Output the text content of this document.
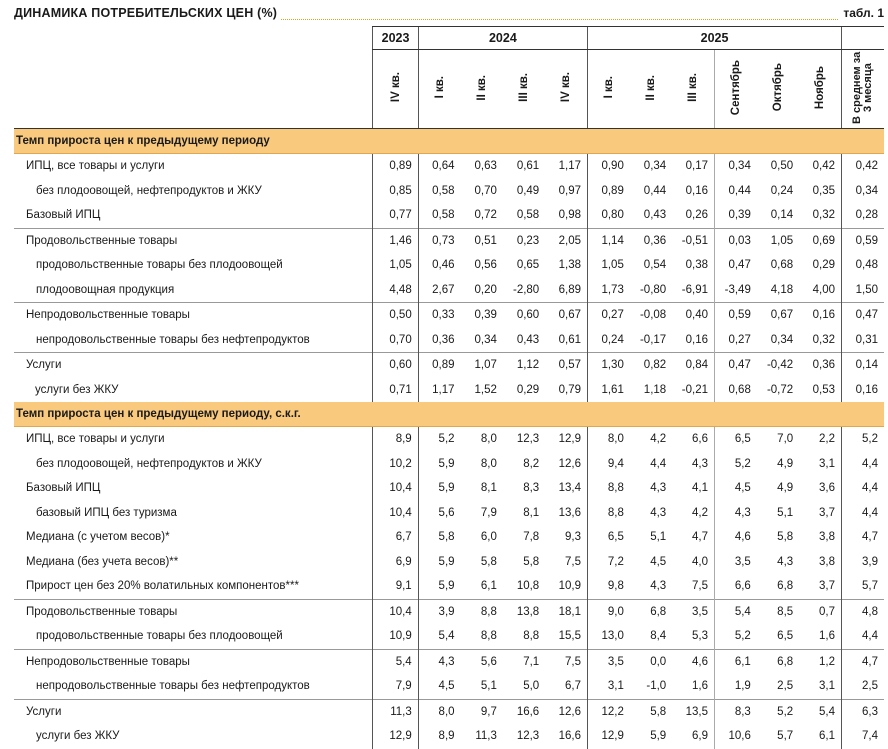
ДИНАМИКА ПОТРЕБИТЕЛЬСКИХ ЦЕН (%)	табл. 1
	2023	2024				2025						
	IV кв.	I кв.	II кв.	III кв.	IV кв.	I кв.	II кв.	III кв.	Сентябрь	Октябрь	Ноябрь	В среднем за 3 месяца
Темп прироста цен к предыдущему периоду												
ИПЦ, все товары и услуги	0,89	0,64	0,63	0,61	1,17	0,90	0,34	0,17	0,34	0,50	0,42	0,42
без плодоовощей, нефтепродуктов и ЖКУ	0,85	0,58	0,70	0,49	0,97	0,89	0,44	0,16	0,44	0,24	0,35	0,34
Базовый ИПЦ	0,77	0,58	0,72	0,58	0,98	0,80	0,43	0,26	0,39	0,14	0,32	0,28
Продовольственные товары	1,46	0,73	0,51	0,23	2,05	1,14	0,36	-0,51	0,03	1,05	0,69	0,59
продовольственные товары без плодоовощей	1,05	0,46	0,56	0,65	1,38	1,05	0,54	0,38	0,47	0,68	0,29	0,48
плодоовощная продукция	4,48	2,67	0,20	-2,80	6,89	1,73	-0,80	-6,91	-3,49	4,18	4,00	1,50
Непродовольственные товары	0,50	0,33	0,39	0,60	0,67	0,27	-0,08	0,40	0,59	0,67	0,16	0,47
непродовольственные товары без нефтепродуктов	0,70	0,36	0,34	0,43	0,61	0,24	-0,17	0,16	0,27	0,34	0,32	0,31
Услуги	0,60	0,89	1,07	1,12	0,57	1,30	0,82	0,84	0,47	-0,42	0,36	0,14
услуги без ЖКУ	0,71	1,17	1,52	0,29	0,79	1,61	1,18	-0,21	0,68	-0,72	0,53	0,16
Темп прироста цен к предыдущему периоду, с.к.г.												
ИПЦ, все товары и услуги	8,9	5,2	8,0	12,3	12,9	8,0	4,2	6,6	6,5	7,0	2,2	5,2
без плодоовощей, нефтепродуктов и ЖКУ	10,2	5,9	8,0	8,2	12,6	9,4	4,4	4,3	5,2	4,9	3,1	4,4
Базовый ИПЦ	10,4	5,9	8,1	8,3	13,4	8,8	4,3	4,1	4,5	4,9	3,6	4,4
базовый ИПЦ без туризма	10,4	5,6	7,9	8,1	13,6	8,8	4,3	4,2	4,3	5,1	3,7	4,4
Медиана (с учетом весов)*	6,7	5,8	6,0	7,8	9,3	6,5	5,1	4,7	4,6	5,8	3,8	4,7
Медиана (без учета весов)**	6,9	5,9	5,8	5,8	7,5	7,2	4,5	4,0	3,5	4,3	3,8	3,9
Прирост цен без 20% волатильных компонентов***	9,1	5,9	6,1	10,8	10,9	9,8	4,3	7,5	6,6	6,8	3,7	5,7
Продовольственные товары	10,4	3,9	8,8	13,8	18,1	9,0	6,8	3,5	5,4	8,5	0,7	4,8
продовольственные товары без плодоовощей	10,9	5,4	8,8	8,8	15,5	13,0	8,4	5,3	5,2	6,5	1,6	4,4
Непродовольственные товары	5,4	4,3	5,6	7,1	7,5	3,5	0,0	4,6	6,1	6,8	1,2	4,7
непродовольственные товары без нефтепродуктов	7,9	4,5	5,1	5,0	6,7	3,1	-1,0	1,6	1,9	2,5	3,1	2,5
Услуги	11,3	8,0	9,7	16,6	12,6	12,2	5,8	13,5	8,3	5,2	5,4	6,3
услуги без ЖКУ	12,9	8,9	11,3	12,3	16,6	12,9	5,9	6,9	10,6	5,7	6,1	7,4
